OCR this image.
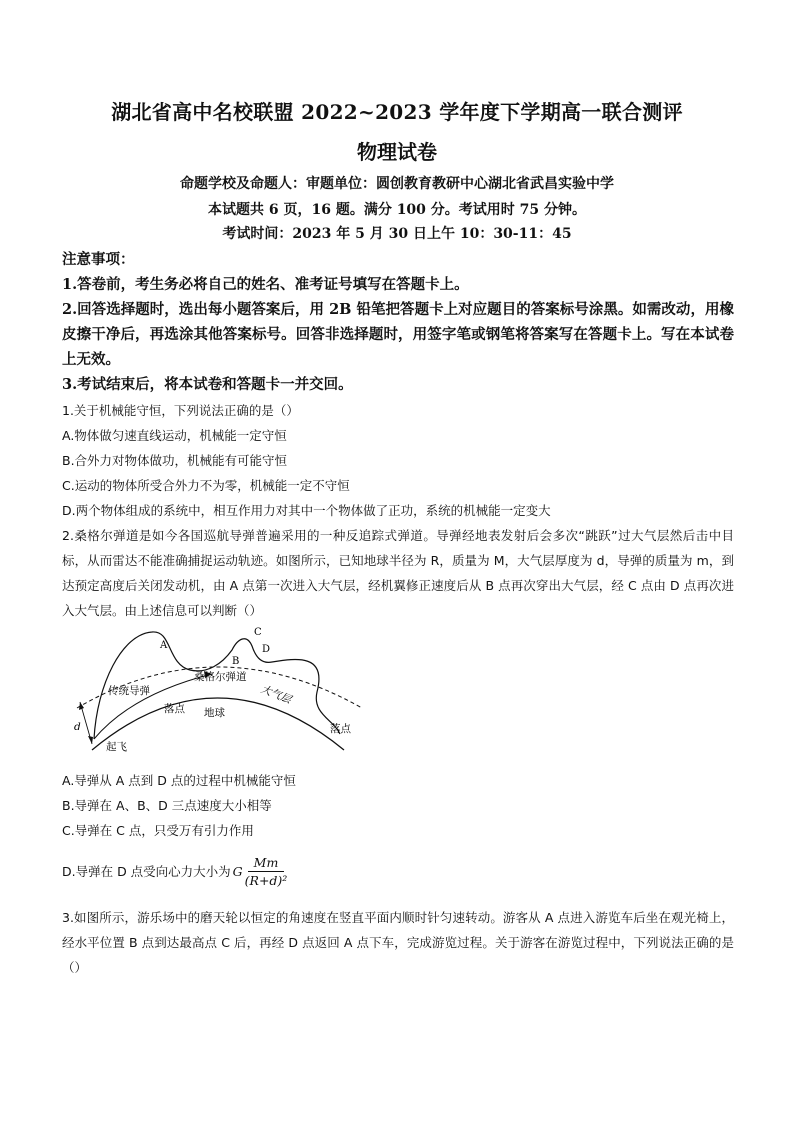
湖北省高中名校联盟 2022~2023 学年度下学期高一联合测评
物理试卷
命题学校及命题人：审题单位：圆创教育教研中心湖北省武昌实验中学
本试题共 6 页，16 题。满分 100 分。考试用时 75 分钟。
考试时间：2023 年 5 月 30 日上午 10：30-11：45
注意事项：
1.答卷前，考生务必将自己的姓名、准考证号填写在答题卡上。
2.回答选择题时，选出每小题答案后，用 2B 铅笔把答题卡上对应题目的答案标号涂黑。如需改动，用橡皮擦干净后，再选涂其他答案标号。回答非选择题时，用签字笔或钢笔将答案写在答题卡上。写在本试卷上无效。
3.考试结束后，将本试卷和答题卡一并交回。
1.关于机械能守恒，下列说法正确的是（）
A.物体做匀速直线运动，机械能一定守恒
B.合外力对物体做功，机械能有可能守恒
C.运动的物体所受合外力不为零，机械能一定不守恒
D.两个物体组成的系统中，相互作用力对其中一个物体做了正功，系统的机械能一定变大
2.桑格尔弹道是如今各国巡航导弹普遍采用的一种反追踪式弹道。导弹经地表发射后会多次“跳跃”过大气层然后击中目标，从而雷达不能准确捕捉运动轨迹。如图所示，已知地球半径为 R，质量为 M，大气层厚度为 d，导弹的质量为 m，到达预定高度后关闭发动机，由 A 点第一次进入大气层，经机翼修正速度后从 B 点再次穿出大气层，经 C 点由 D 点再次进入大气层。由上述信息可以判断（）
A
B
C
D
传统导弹
桑格尔弹道
大气层
落点 地球
落点
起飞
d
A.导弹从 A 点到 D 点的过程中机械能守恒
B.导弹在 A、B、D 三点速度大小相等
C.导弹在 C 点，只受万有引力作用
D.导弹在 D 点受向心力大小为 G $\frac{Mm}{\text{(R+d)²}}$
3.如图所示，游乐场中的磨天轮以恒定的角速度在竖直平面内顺时针匀速转动。游客从 A 点进入游览车后坐在观光椅上，经水平位置 B 点到达最高点 C 后，再经 D 点返回 A 点下车，完成游览过程。关于游客在游览过程中，下列说法正确的是（）
